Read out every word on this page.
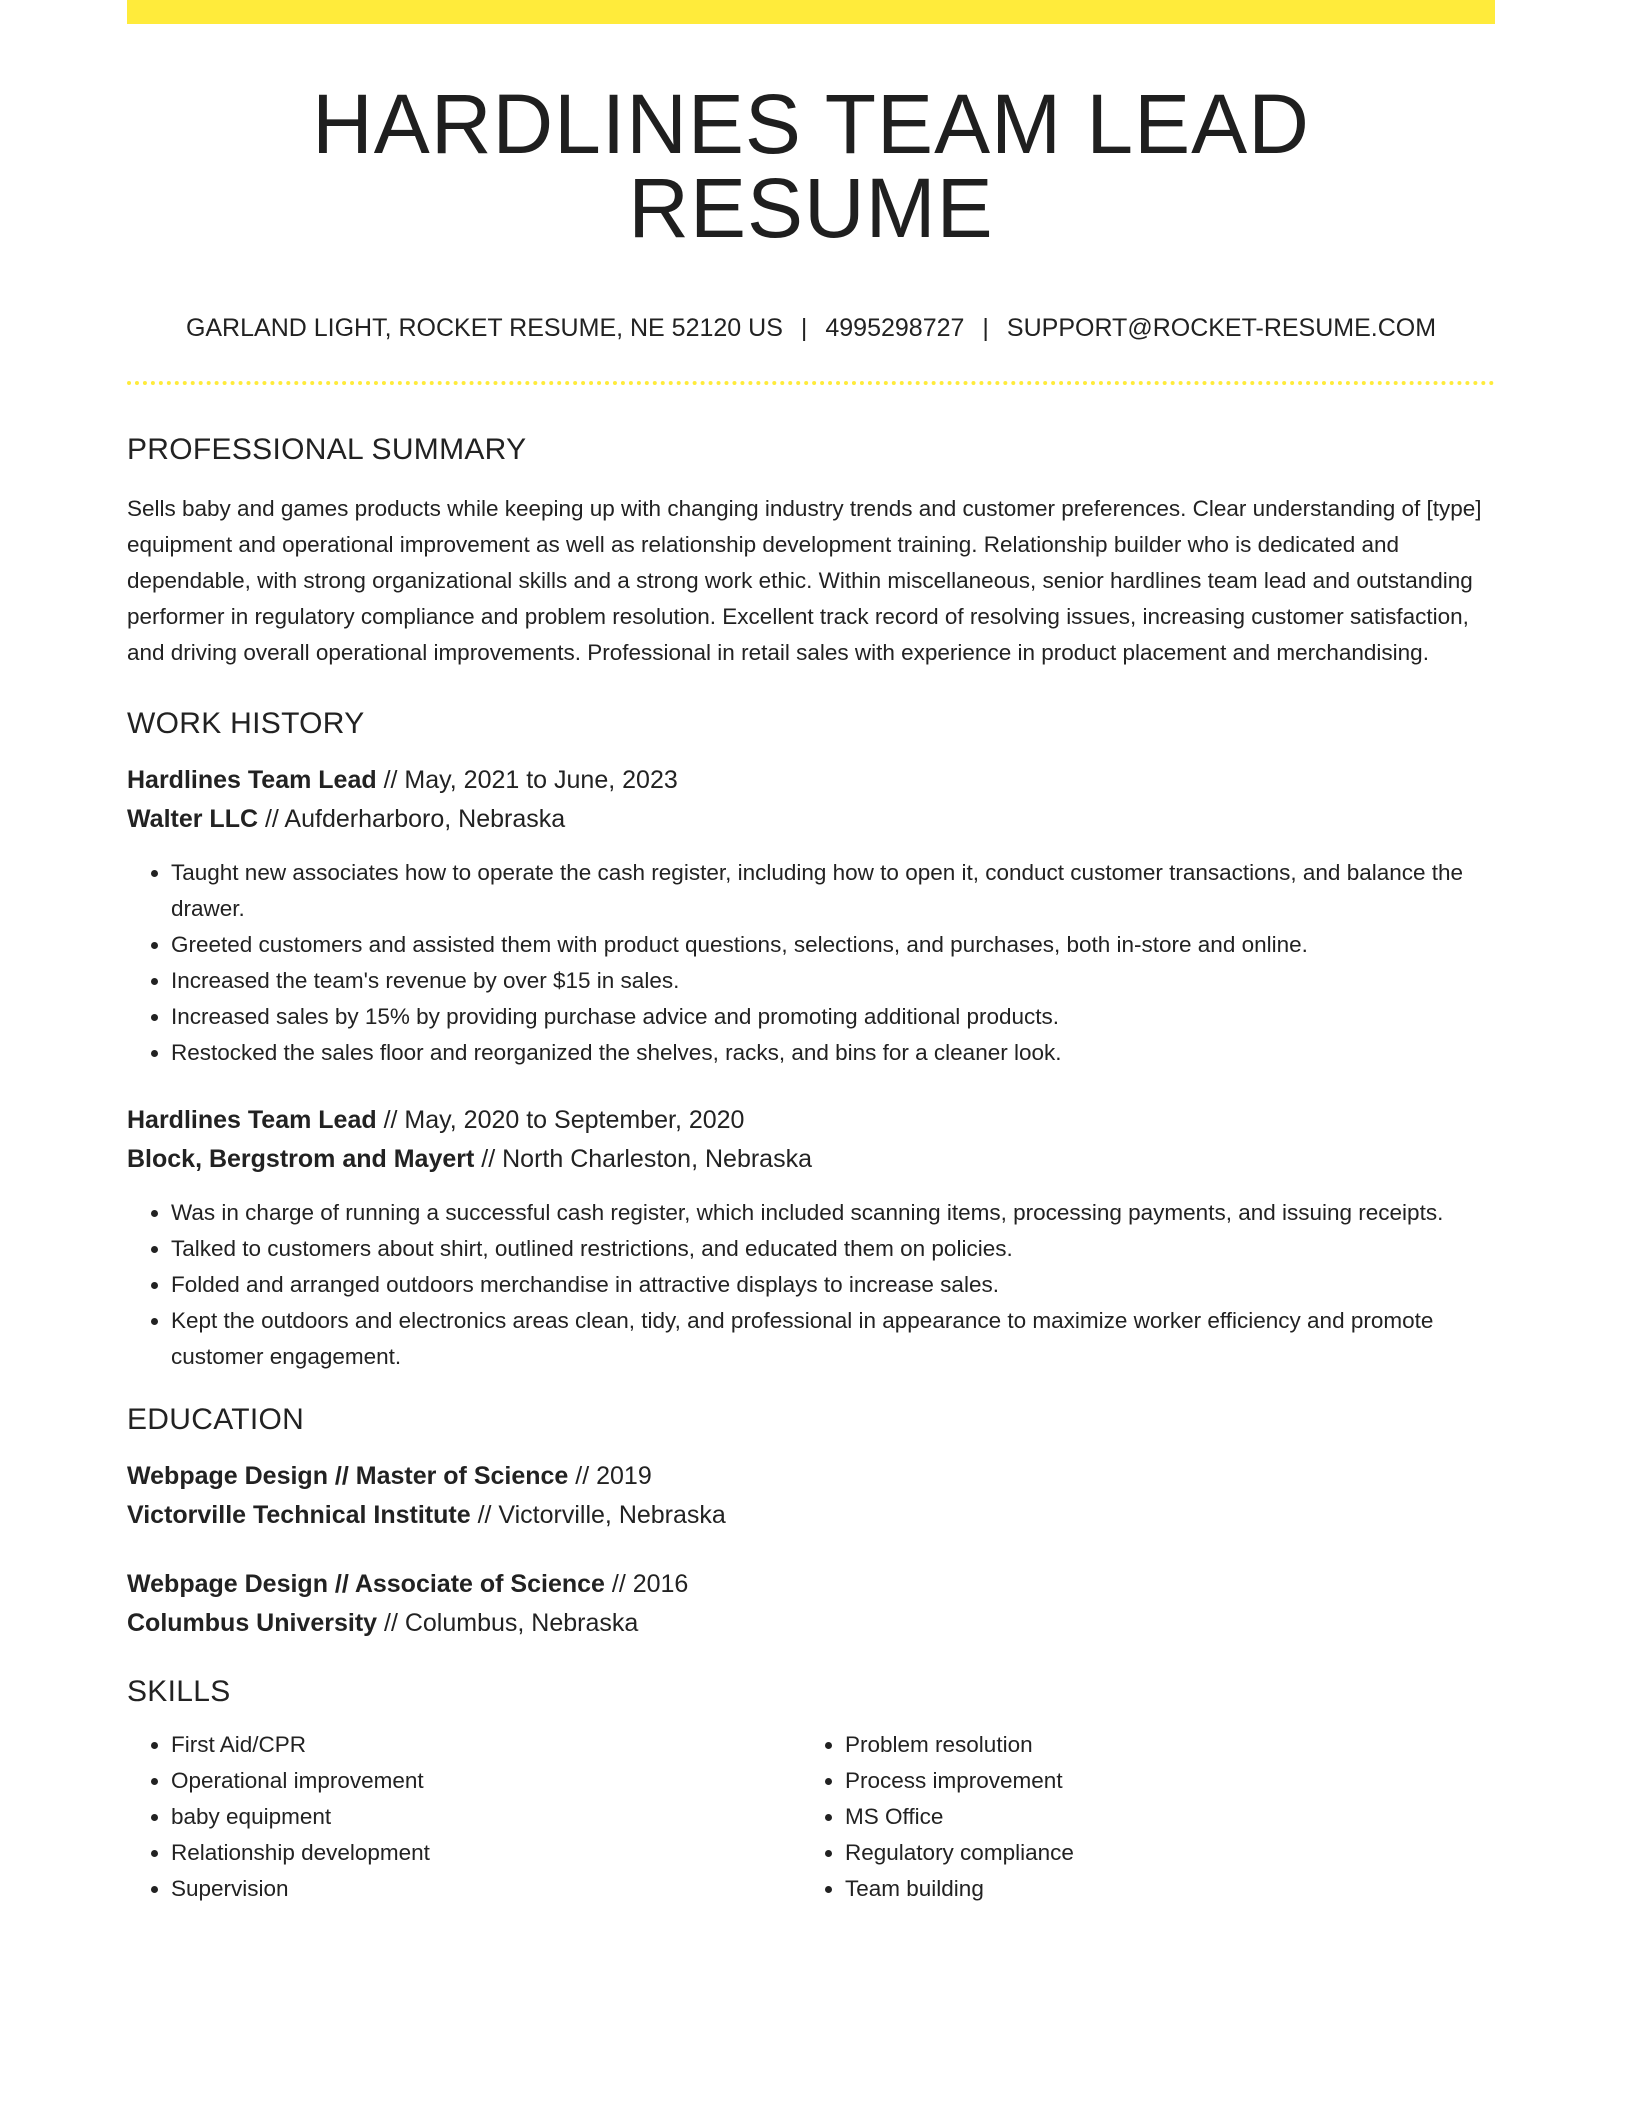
HARDLINES TEAM LEAD RESUME
GARLAND LIGHT, ROCKET RESUME, NE 52120 US | 4995298727 | SUPPORT@ROCKET-RESUME.COM
PROFESSIONAL SUMMARY

Sells baby and games products while keeping up with changing industry trends and customer preferences. Clear understanding of [type] equipment and operational improvement as well as relationship development training. Relationship builder who is dedicated and dependable, with strong organizational skills and a strong work ethic. Within miscellaneous, senior hardlines team lead and outstanding performer in regulatory compliance and problem resolution. Excellent track record of resolving issues, increasing customer satisfaction, and driving overall operational improvements. Professional in retail sales with experience in product placement and merchandising.

WORK HISTORY
Hardlines Team Lead // May, 2021 to June, 2023
Walter LLC // Aufderharboro, Nebraska
• Taught new associates how to operate the cash register, including how to open it, conduct customer transactions, and balance the drawer.
• Greeted customers and assisted them with product questions, selections, and purchases, both in-store and online.
• Increased the team's revenue by over $15 in sales.
• Increased sales by 15% by providing purchase advice and promoting additional products.
• Restocked the sales floor and reorganized the shelves, racks, and bins for a cleaner look.
Hardlines Team Lead // May, 2020 to September, 2020
Block, Bergstrom and Mayert // North Charleston, Nebraska
• Was in charge of running a successful cash register, which included scanning items, processing payments, and issuing receipts.
• Talked to customers about shirt, outlined restrictions, and educated them on policies.
• Folded and arranged outdoors merchandise in attractive displays to increase sales.
• Kept the outdoors and electronics areas clean, tidy, and professional in appearance to maximize worker efficiency and promote customer engagement.
EDUCATION
Webpage Design // Master of Science // 2019
Victorville Technical Institute // Victorville, Nebraska
Webpage Design // Associate of Science // 2016
Columbus University // Columbus, Nebraska
SKILLS
• First Aid/CPR
• Operational improvement
• baby equipment
• Relationship development
• Supervision
• Problem resolution
• Process improvement
• MS Office
• Regulatory compliance
• Team building
